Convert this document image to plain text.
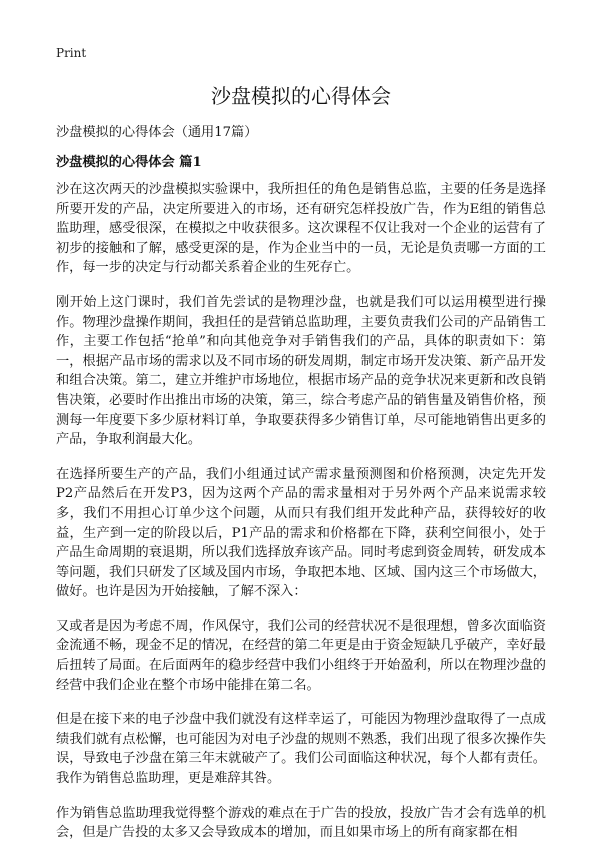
Print
沙盘模拟的心得体会
沙盘模拟的心得体会（通用17篇）
沙盘模拟的心得体会 篇1

沙在这次两天的沙盘模拟实验课中，我所担任的角色是销售总监，主要的任务是选择所要开发的产品，决定所要进入的市场，还有研究怎样投放广告，作为E组的销售总监助理，感受很深，在模拟之中收获很多。这次课程不仅让我对一个企业的运营有了初步的接触和了解，感受更深的是，作为企业当中的一员，无论是负责哪一方面的工作，每一步的决定与行动都关系着企业的生死存亡。

刚开始上这门课时，我们首先尝试的是物理沙盘，也就是我们可以运用模型进行操作。物理沙盘操作期间，我担任的是营销总监助理，主要负责我们公司的产品销售工作，主要工作包括“抢单”和向其他竞争对手销售我们的产品，具体的职责如下：第一，根据产品市场的需求以及不同市场的研发周期，制定市场开发决策、新产品开发和组合决策。第二，建立并维护市场地位，根据市场产品的竞争状况来更新和改良销售决策，必要时作出推出市场的决策，第三，综合考虑产品的销售量及销售价格，预测每一年度要下多少原材料订单，争取要获得多少销售订单，尽可能地销售出更多的产品，争取利润最大化。

在选择所要生产的产品，我们小组通过试产需求量预测图和价格预测，决定先开发P2产品然后在开发P3，因为这两个产品的需求量相对于另外两个产品来说需求较多，我们不用担心订单少这个问题，从而只有我们组开发此种产品，获得较好的收益，生产到一定的阶段以后，P1产品的需求和价格都在下降，获利空间很小，处于产品生命周期的衰退期，所以我们选择放弃该产品。同时考虑到资金周转，研发成本等问题，我们只研发了区域及国内市场，争取把本地、区域、国内这三个市场做大，做好。也许是因为开始接触，了解不深入：

又或者是因为考虑不周，作风保守，我们公司的经营状况不是很理想，曾多次面临资金流通不畅，现金不足的情况，在经营的第二年更是由于资金短缺几乎破产，幸好最后扭转了局面。在后面两年的稳步经营中我们小组终于开始盈利，所以在物理沙盘的经营中我们企业在整个市场中能排在第二名。

但是在接下来的电子沙盘中我们就没有这样幸运了，可能因为物理沙盘取得了一点成绩我们就有点松懈，也可能因为对电子沙盘的规则不熟悉，我们出现了很多次操作失误，导致电子沙盘在第三年末就破产了。我们公司面临这种状况，每个人都有责任。我作为销售总监助理，更是难辞其咎。

作为销售总监助理我觉得整个游戏的难点在于广告的投放，投放广告才会有选单的机会，但是广告投的太多又会导致成本的增加，而且如果市场上的所有商家都在相
